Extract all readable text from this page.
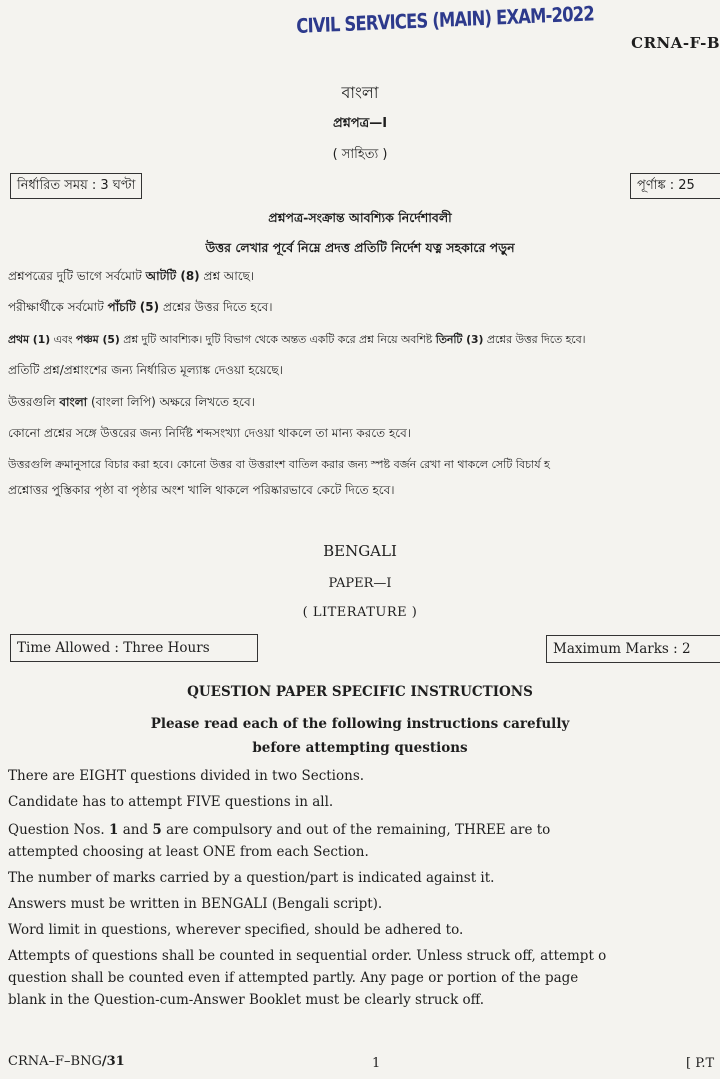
CIVIL SERVICES (MAIN) EXAM-2022
CRNA-F-B
বাংলা
প্রশ্নপত্র—I
( সাহিত্য )
নির্ধারিত সময় : 3 ঘণ্টা	পূর্ণাঙ্ক : 25
প্রশ্নপত্র-সংক্রান্ত আবশ্যিক নির্দেশাবলী
উত্তর লেখার পূর্বে নিম্নে প্রদত্ত প্রতিটি নির্দেশ যত্ন সহকারে পড়ুন
প্রশ্নপত্রের দুটি ভাগে সর্বমোট আটটি (8) প্রশ্ন আছে।
পরীক্ষার্থীকে সর্বমোট পাঁচটি (5) প্রশ্নের উত্তর দিতে হবে।
প্রথম (1) এবং পঞ্চম (5) প্রশ্ন দুটি আবশ্যিক। দুটি বিভাগ থেকে অন্তত একটি করে প্রশ্ন নিয়ে অবশিষ্ট তিনটি (3) প্রশ্নের উত্তর দিতে হবে।
প্রতিটি প্রশ্ন/প্রশ্নাংশের জন্য নির্ধারিত মূল্যাঙ্ক দেওয়া হয়েছে।
উত্তরগুলি বাংলা (বাংলা লিপি) অক্ষরে লিখতে হবে।
কোনো প্রশ্নের সঙ্গে উত্তরের জন্য নির্দিষ্ট শব্দসংখ্যা দেওয়া থাকলে তা মান্য করতে হবে।
উত্তরগুলি ক্রমানুসারে বিচার করা হবে। কোনো উত্তর বা উত্তরাংশ বাতিল করার জন্য স্পষ্ট বর্জন রেখা না থাকলে সেটি বিচার্য হ
প্রশ্নোত্তর পুস্তিকার পৃষ্ঠা বা পৃষ্ঠার অংশ খালি থাকলে পরিষ্কারভাবে কেটে দিতে হবে।
BENGALI
PAPER—I
( LITERATURE )
Time Allowed : Three Hours	Maximum Marks : 2
QUESTION PAPER SPECIFIC INSTRUCTIONS
Please read each of the following instructions carefully
before attempting questions
There are EIGHT questions divided in two Sections.
Candidate has to attempt FIVE questions in all.
Question Nos. 1 and 5 are compulsory and out of the remaining, THREE are to
attempted choosing at least ONE from each Section.
The number of marks carried by a question/part is indicated against it.
Answers must be written in BENGALI (Bengali script).
Word limit in questions, wherever specified, should be adhered to.
Attempts of questions shall be counted in sequential order. Unless struck off, attempt o
question shall be counted even if attempted partly. Any page or portion of the page
blank in the Question-cum-Answer Booklet must be clearly struck off.
CRNA–F–BNG/31	1	[ P.T
